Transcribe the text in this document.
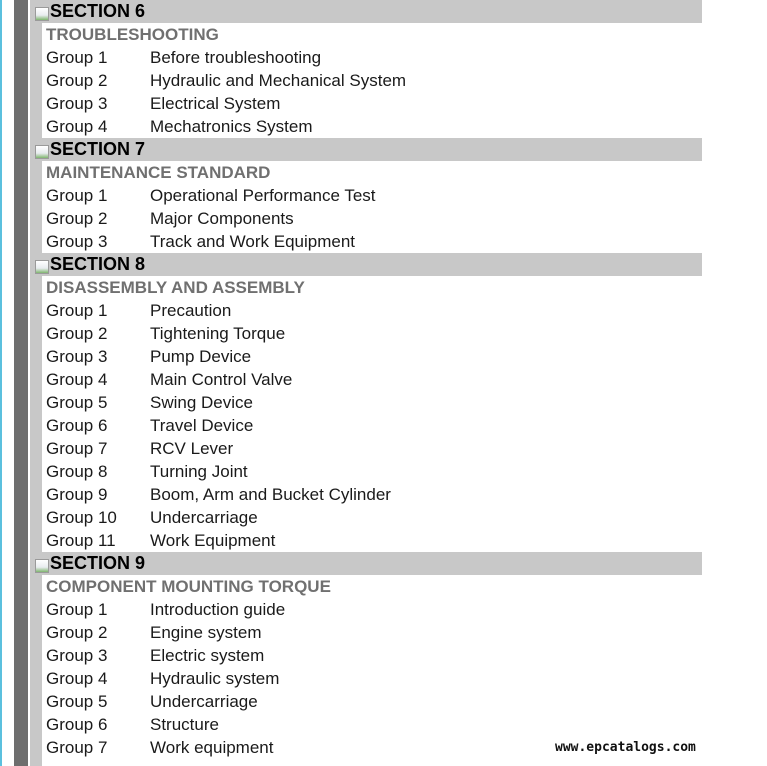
SECTION 6
TROUBLESHOOTING
Group 1	Before troubleshooting
Group 2	Hydraulic and Mechanical System
Group 3	Electrical System
Group 4	Mechatronics System
SECTION 7
MAINTENANCE STANDARD
Group 1	Operational Performance Test
Group 2	Major Components
Group 3	Track and Work Equipment
SECTION 8
DISASSEMBLY AND ASSEMBLY
Group 1	Precaution
Group 2	Tightening Torque
Group 3	Pump Device
Group 4	Main Control Valve
Group 5	Swing Device
Group 6	Travel Device
Group 7	RCV Lever
Group 8	Turning Joint
Group 9	Boom, Arm and Bucket Cylinder
Group 10	Undercarriage
Group 11	Work Equipment
SECTION 9
COMPONENT MOUNTING TORQUE
Group 1	Introduction guide
Group 2	Engine system
Group 3	Electric system
Group 4	Hydraulic system
Group 5	Undercarriage
Group 6	Structure
Group 7	Work equipment	www.epcatalogs.com
